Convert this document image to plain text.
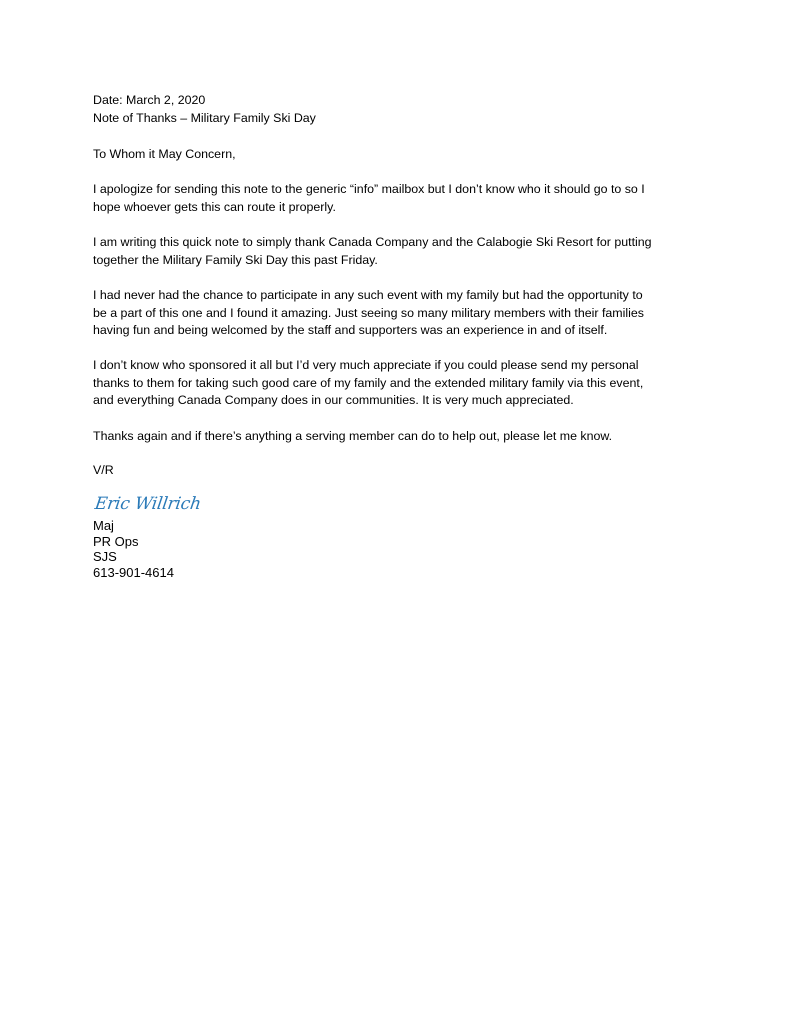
Date: March 2, 2020
Note of Thanks – Military Family Ski Day
To Whom it May Concern,
I apologize for sending this note to the generic “info” mailbox but I don’t know who it should go to so I
hope whoever gets this can route it properly.
I am writing this quick note to simply thank Canada Company and the Calabogie Ski Resort for putting
together the Military Family Ski Day this past Friday.
I had never had the chance to participate in any such event with my family but had the opportunity to
be a part of this one and I found it amazing. Just seeing so many military members with their families
having fun and being welcomed by the staff and supporters was an experience in and of itself.
I don’t know who sponsored it all but I’d very much appreciate if you could please send my personal
thanks to them for taking such good care of my family and the extended military family via this event,
and everything Canada Company does in our communities. It is very much appreciated.
Thanks again and if there’s anything a serving member can do to help out, please let me know.
V/R
Eric Willrich
Maj
PR Ops
SJS
613-901-4614
